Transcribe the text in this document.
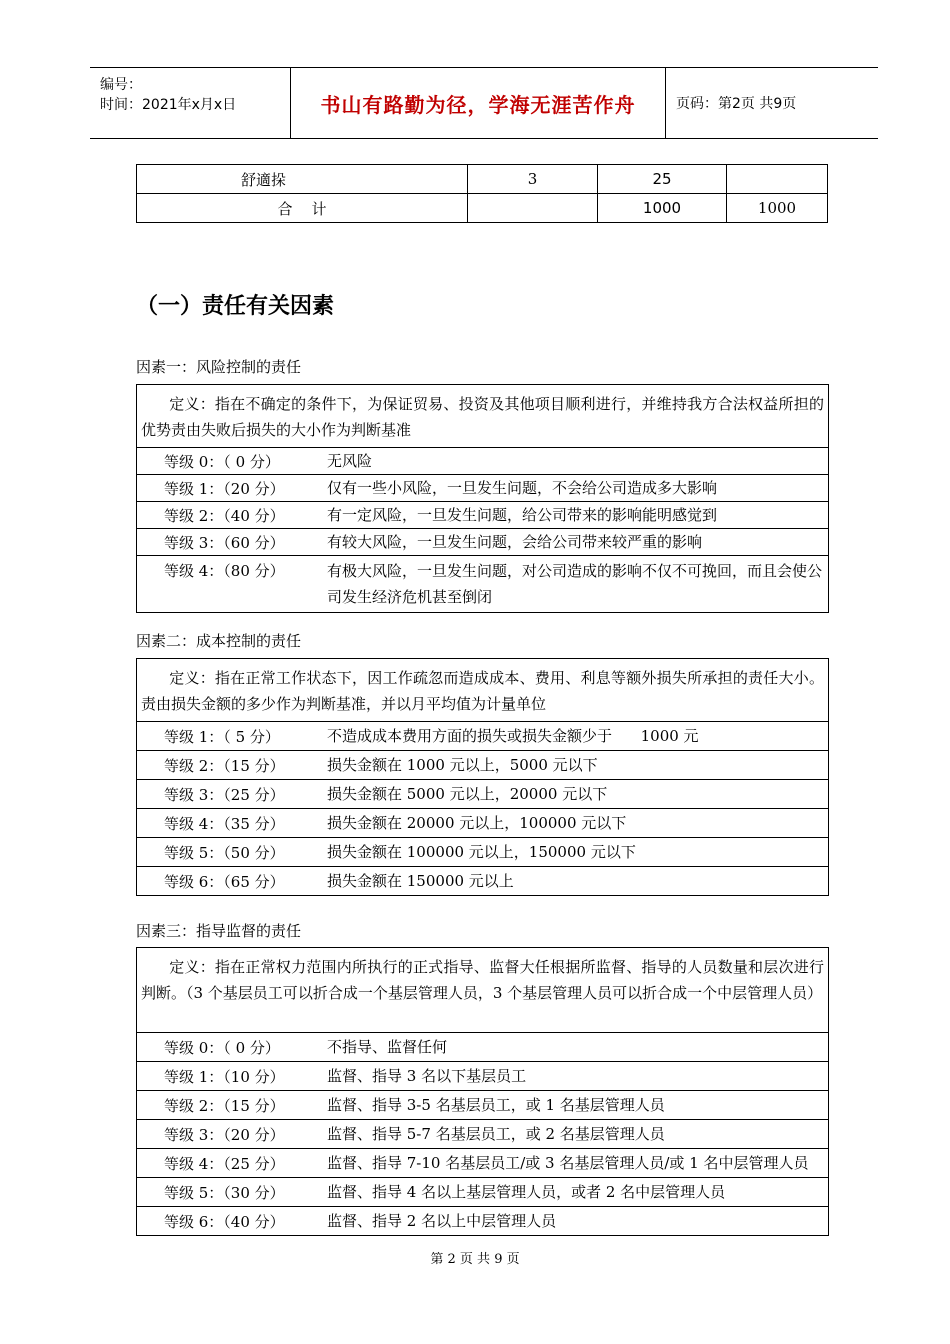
编号：
时间：2021年x月x日	书山有路勤为径，学海无涯苦作舟	页码：第2页 共9页
舒適挆	3	25	
合    计		1000	1000
（一）责任有关因素
因素一：风险控制的责任
定义：指在不确定的条件下，为保证贸易、投资及其他项目顺利进行，并维持我方合法权益所担的优势责由失败后损失的大小作为判断基准

等级 0：（ 0 分）	无风险

等级 1：（20 分）	仅有一些小风险，一旦发生问题，不会给公司造成多大影响

等级 2：（40 分）	有一定风险，一旦发生问题，给公司带来的影响能明感觉到

等级 3：（60 分）	有较大风险，一旦发生问题，会给公司带来较严重的影响

等级 4：（80 分）	有极大风险，一旦发生问题，对公司造成的影响不仅不可挽回，而且会使公司发生经济危机甚至倒闭
因素二：成本控制的责任
定义：指在正常工作状态下，因工作疏忽而造成成本、费用、利息等额外损失所承担的责任大小。责由损失金额的多少作为判断基准，并以月平均值为计量单位

等级 1：（ 5 分）	不造成成本费用方面的损失或损失金额少于      1000 元

等级 2：（15 分）	损失金额在 1000 元以上，5000 元以下

等级 3：（25 分）	损失金额在 5000 元以上，20000 元以下

等级 4：（35 分）	损失金额在 20000 元以上，100000 元以下

等级 5：（50 分）	损失金额在 100000 元以上，150000 元以下

等级 6：（65 分）	损失金额在 150000 元以上
因素三：指导监督的责任
定义：指在正常权力范围内所执行的正式指导、监督大任根据所监督、指导的人员数量和层次进行判断。（3 个基层员工可以折合成一个基层管理人员，3 个基层管理人员可以折合成一个中层管理人员）

等级 0：（ 0 分）	不指导、监督任何

等级 1：（10 分）	监督、指导 3 名以下基层员工

等级 2：（15 分）	监督、指导 3-5 名基层员工，或 1 名基层管理人员

等级 3：（20 分）	监督、指导 5-7 名基层员工，或 2 名基层管理人员

等级 4：（25 分）	监督、指导 7-10 名基层员工/或 3 名基层管理人员/或 1 名中层管理人员

等级 5：（30 分）	监督、指导 4 名以上基层管理人员，或者 2 名中层管理人员

等级 6：（40 分）	监督、指导 2 名以上中层管理人员
第 2 页 共 9 页
